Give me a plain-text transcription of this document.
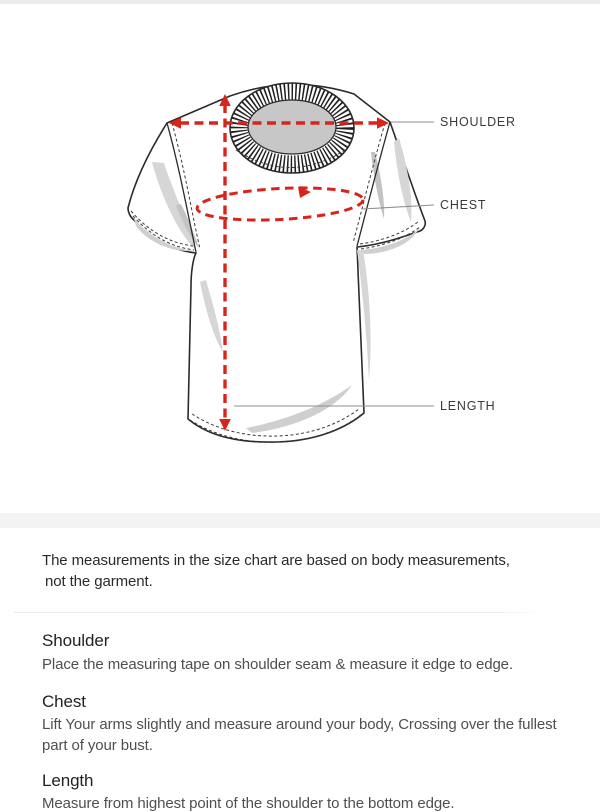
SHOULDER
CHEST
LENGTH
The measurements in the size chart are based on body measurements,
not the garment.
Shoulder
Place the measuring tape on shoulder seam & measure it edge to edge.
Chest
Lift Your arms slightly and measure around your body, Crossing over the fullest
part of your bust.
Length
Measure from highest point of the shoulder to the bottom edge.
